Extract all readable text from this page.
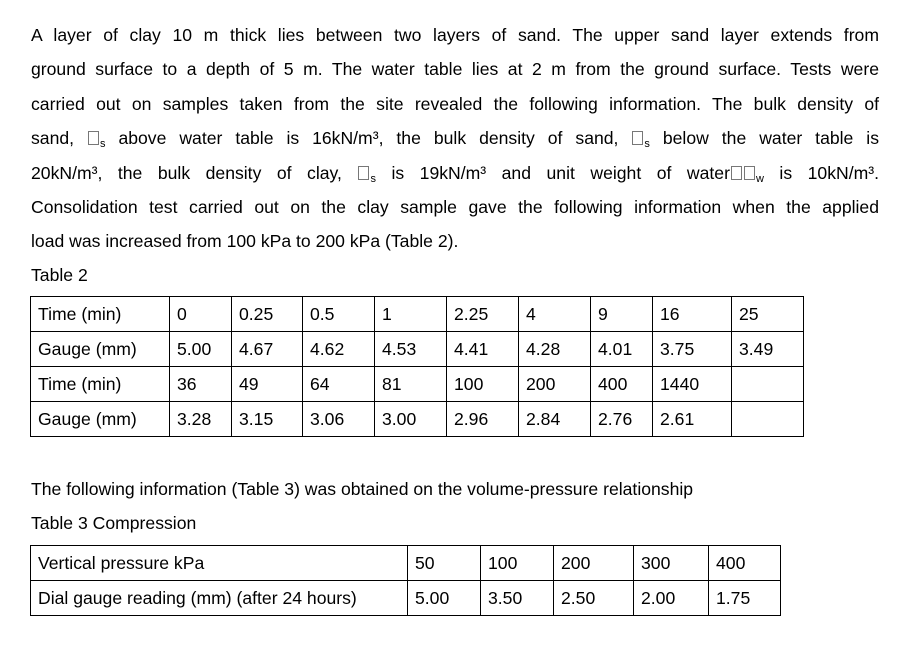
A layer of clay 10 m thick lies between two layers of sand. The upper sand layer extends from
ground surface to a depth of 5 m. The water table lies at 2 m from the ground surface. Tests were
carried out on samples taken from the site revealed the following information. The bulk density of
sand, $_s$ above water table is 16kN/m³, the bulk density of sand, $_s$ below the water table is
20kN/m³, the bulk density of clay, $_s$ is 19kN/m³ and unit weight of water $_w$ is 10kN/m³.
Consolidation test carried out on the clay sample gave the following information when the applied
load was increased from 100 kPa to 200 kPa (Table 2).
Table 2
Time (min)	0	0.25	0.5	1	2.25	4	9	16	25
Gauge (mm)	5.00	4.67	4.62	4.53	4.41	4.28	4.01	3.75	3.49
Time (min)	36	49	64	81	100	200	400	1440	
Gauge (mm)	3.28	3.15	3.06	3.00	2.96	2.84	2.76	2.61	
The following information (Table 3) was obtained on the volume-pressure relationship
Table 3 Compression
Vertical pressure kPa	50	100	200	300	400
Dial gauge reading (mm) (after 24 hours)	5.00	3.50	2.50	2.00	1.75
